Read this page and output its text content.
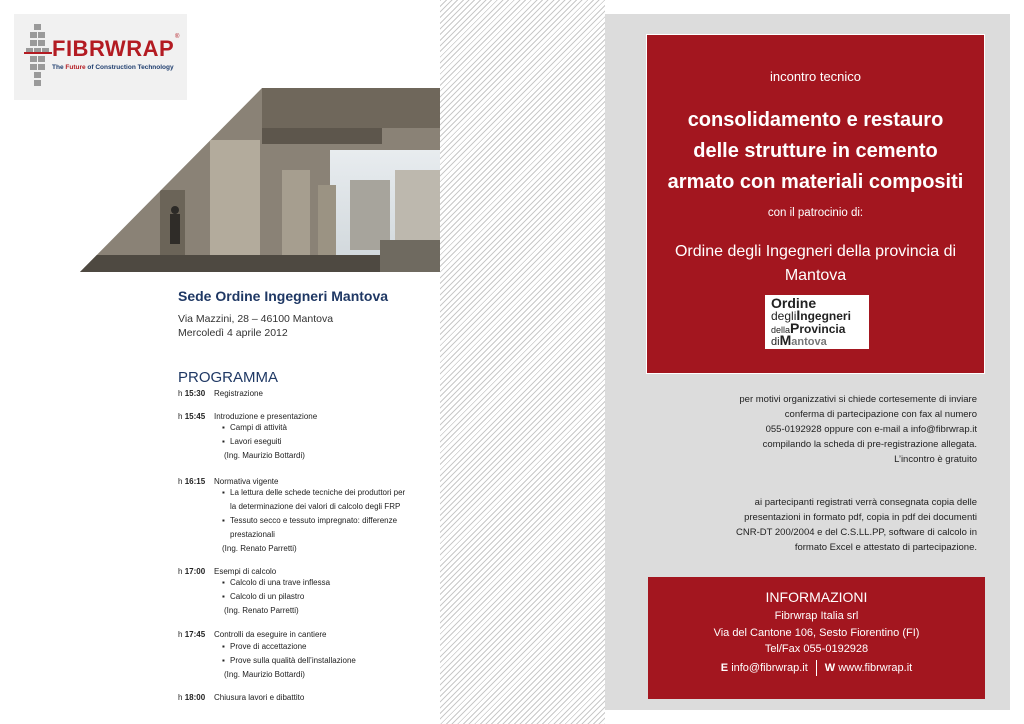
FIBRWRAP ®
The Future of Construction Technology
Sede Ordine Ingegneri Mantova
Via Mazzini, 28 – 46100 Mantova
Mercoledì 4 aprile 2012
PROGRAMMA
h 15:30 Registrazione
h 15:45 Introduzione e presentazione
▪ Campi di attività
▪ Lavori eseguiti
(Ing. Maurizio Bottardi)
h 16:15 Normativa vigente
▪ La lettura delle schede tecniche dei produttori per
la determinazione dei valori di calcolo degli FRP
▪ Tessuto secco e tessuto impregnato: differenze
prestazionali
(Ing. Renato Parretti)
h 17:00 Esempi di calcolo
▪ Calcolo di una trave inflessa
▪ Calcolo di un pilastro
(Ing. Renato Parretti)
h 17:45 Controlli da eseguire in cantiere
▪ Prove di accettazione
▪ Prove sulla qualità dell’installazione
(Ing. Maurizio Bottardi)
h 18:00 Chiusura lavori e dibattito
incontro tecnico
consolidamento e restauro
delle strutture in cemento
armato con materiali compositi
con il patrocinio di:
Ordine degli Ingegneri della provincia di
Mantova
Ordine
degliIngegneri
dellaProvincia
diMantova
per motivi organizzativi si chiede cortesemente di inviare
conferma di partecipazione con fax al numero
055-0192928 oppure con e-mail a info@fibrwrap.it
compilando la scheda di pre-registrazione allegata.
L’incontro è gratuito
ai partecipanti registrati verrà consegnata copia delle
presentazioni in formato pdf, copia in pdf dei documenti
CNR-DT 200/2004 e del C.S.LL.PP, software di calcolo in
formato Excel e attestato di partecipazione.
INFORMAZIONI
Fibrwrap Italia srl
Via del Cantone 106, Sesto Fiorentino (FI)
Tel/Fax 055-0192928
E info@fibrwrap.it W www.fibrwrap.it
